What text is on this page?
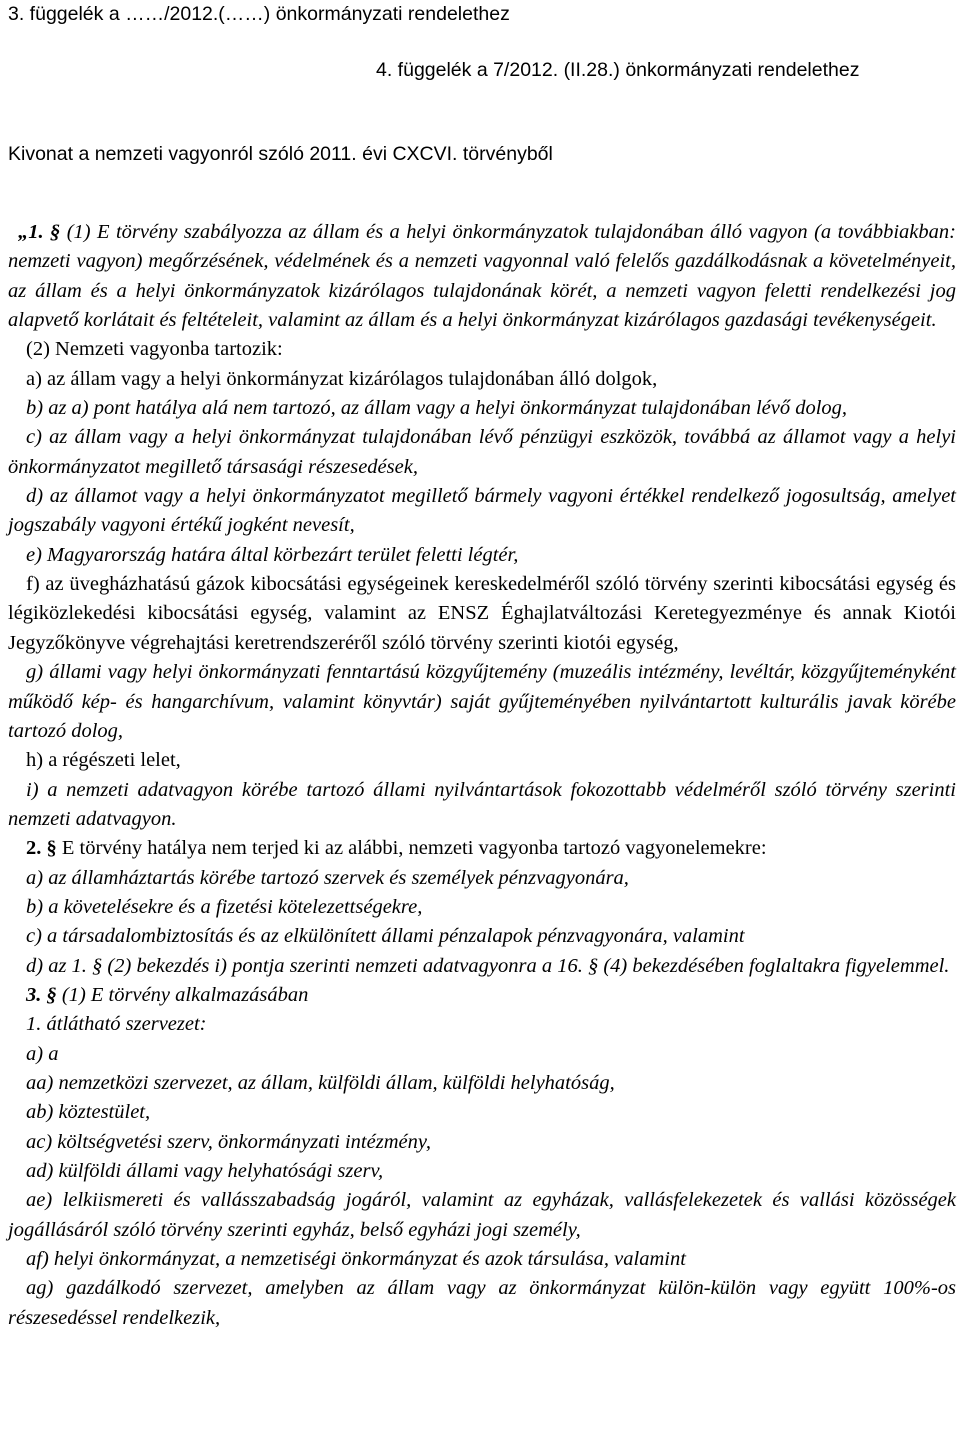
3. függelék a ……/2012.(……) önkormányzati rendelethez
4. függelék a 7/2012. (II.28.) önkormányzati rendelethez
Kivonat a nemzeti vagyonról szóló 2011. évi CXCVI. törvényből

„1. § (1) E törvény szabályozza az állam és a helyi önkormányzatok tulajdonában álló vagyon (a továbbiakban: nemzeti vagyon) megőrzésének, védelmének és a nemzeti vagyonnal való felelős gazdálkodásnak a követelményeit, az állam és a helyi önkormányzatok kizárólagos tulajdonának körét, a nemzeti vagyon feletti rendelkezési jog alapvető korlátait és feltételeit, valamint az állam és a helyi önkormányzat kizárólagos gazdasági tevékenységeit.

(2) Nemzeti vagyonba tartozik:

a) az állam vagy a helyi önkormányzat kizárólagos tulajdonában álló dolgok,

b) az a) pont hatálya alá nem tartozó, az állam vagy a helyi önkormányzat tulajdonában lévő dolog,

c) az állam vagy a helyi önkormányzat tulajdonában lévő pénzügyi eszközök, továbbá az államot vagy a helyi önkormányzatot megillető társasági részesedések,

d) az államot vagy a helyi önkormányzatot megillető bármely vagyoni értékkel rendelkező jogosultság, amelyet jogszabály vagyoni értékű jogként nevesít,

e) Magyarország határa által körbezárt terület feletti légtér,

f) az üvegházhatású gázok kibocsátási egységeinek kereskedelméről szóló törvény szerinti kibocsátási egység és légiközlekedési kibocsátási egység, valamint az ENSZ Éghajlatváltozási Keretegyezménye és annak Kiotói Jegyzőkönyve végrehajtási keretrendszeréről szóló törvény szerinti kiotói egység,

g) állami vagy helyi önkormányzati fenntartású közgyűjtemény (muzeális intézmény, levéltár, közgyűjteményként működő kép- és hangarchívum, valamint könyvtár) saját gyűjteményében nyilvántartott kulturális javak körébe tartozó dolog,

h) a régészeti lelet,

i) a nemzeti adatvagyon körébe tartozó állami nyilvántartások fokozottabb védelméről szóló törvény szerinti nemzeti adatvagyon.

2. § E törvény hatálya nem terjed ki az alábbi, nemzeti vagyonba tartozó vagyonelemekre:

a) az államháztartás körébe tartozó szervek és személyek pénzvagyonára,

b) a követelésekre és a fizetési kötelezettségekre,

c) a társadalombiztosítás és az elkülönített állami pénzalapok pénzvagyonára, valamint

d) az 1. § (2) bekezdés i) pontja szerinti nemzeti adatvagyonra a 16. § (4) bekezdésében foglaltakra figyelemmel.

3. § (1) E törvény alkalmazásában

1. átlátható szervezet:

a) a

aa) nemzetközi szervezet, az állam, külföldi állam, külföldi helyhatóság,

ab) köztestület,

ac) költségvetési szerv, önkormányzati intézmény,

ad) külföldi állami vagy helyhatósági szerv,

ae) lelkiismereti és vallásszabadság jogáról, valamint az egyházak, vallásfelekezetek és vallási közösségek jogállásáról szóló törvény szerinti egyház, belső egyházi jogi személy,

af) helyi önkormányzat, a nemzetiségi önkormányzat és azok társulása, valamint

ag) gazdálkodó szervezet, amelyben az állam vagy az önkormányzat külön-külön vagy együtt 100%-os részesedéssel rendelkezik,
